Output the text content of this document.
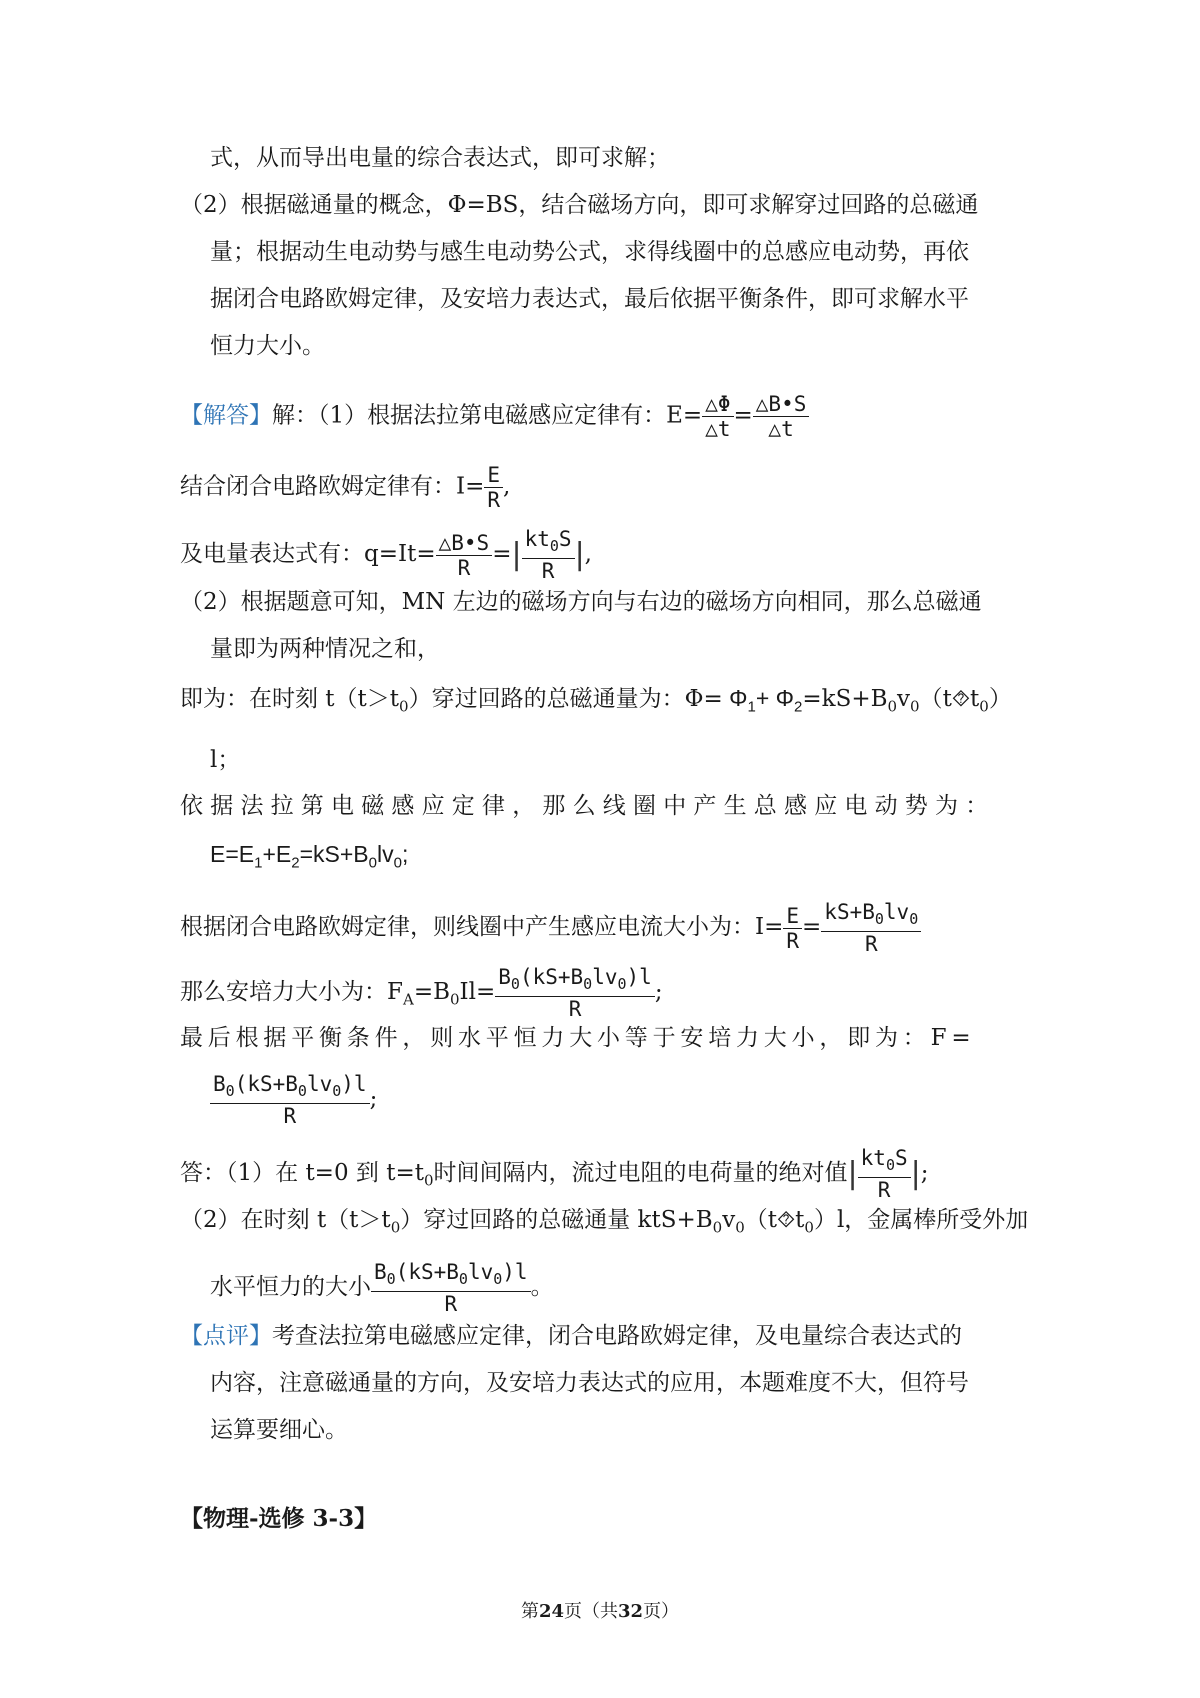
式，从而导出电量的综合表达式，即可求解；
（2）根据磁通量的概念，Φ=BS，结合磁场方向，即可求解穿过回路的总磁通
量；根据动生电动势与感生电动势公式，求得线圈中的总感应电动势，再依
据闭合电路欧姆定律，及安培力表达式，最后依据平衡条件，即可求解水平
恒力大小。
【解答】解：（1）根据法拉第电磁感应定律有：$E= \frac{\triangle\Phi}{\triangle t} = \frac{\triangle B•S}{\triangle t}$
结合闭合电路欧姆定律有：$I= \frac{E}{R}$ ,
及电量表达式有：$q=It= \frac{\triangle B•S}{R}$ =| $\frac{kt_0S}{R}$ |,
（2）根据题意可知，MN 左边的磁场方向与右边的磁场方向相同，那么总磁通
量即为两种情况之和，
即为：在时刻 $t(t>t_0)$穿过回路的总磁通量为：$\Phi= \Phi_1+$ $\Phi_2=kS+B_0v_0(t⯑t_0)$
l；
依据法拉第电磁感应定律，那么线圈中产生总感应电动势为：
$E=E_1+E_2=kS+B_0lv_0$;
根据闭合电路欧姆定律，则线圈中产生感应电流大小为：$I= \frac{E}{R} = \frac{kS+B_0lv_0}{R}$
那么安培力大小为：$F_A=B_0Il= \frac{B_0(kS+B_0lv_0)l}{R}$ ;
最后根据平衡条件，则水平恒力大小等于安培力大小，即为：F=
$\frac{B_0(kS+B_0lv_0)l}{R}$ ;
答：（1）在 t=0 到 $t=t_0$时间间隔内，流过电阻的电荷量的绝对值| $\frac{kt_0S}{R}$ |;
（2）在时刻 $t(t>t_0)$穿过回路的总磁通量 $ktS+B_0v_0(t⯑t_0)l$，金属棒所受外加
水平恒力的大小 $\frac{B_0(kS+B_0lv_0)l}{R}$ 。
【点评】考查法拉第电磁感应定律，闭合电路欧姆定律，及电量综合表达式的
内容，注意磁通量的方向，及安培力表达式的应用，本题难度不大，但符号
运算要细心。
【物理-选修 3-3】
第24页（共32页）
